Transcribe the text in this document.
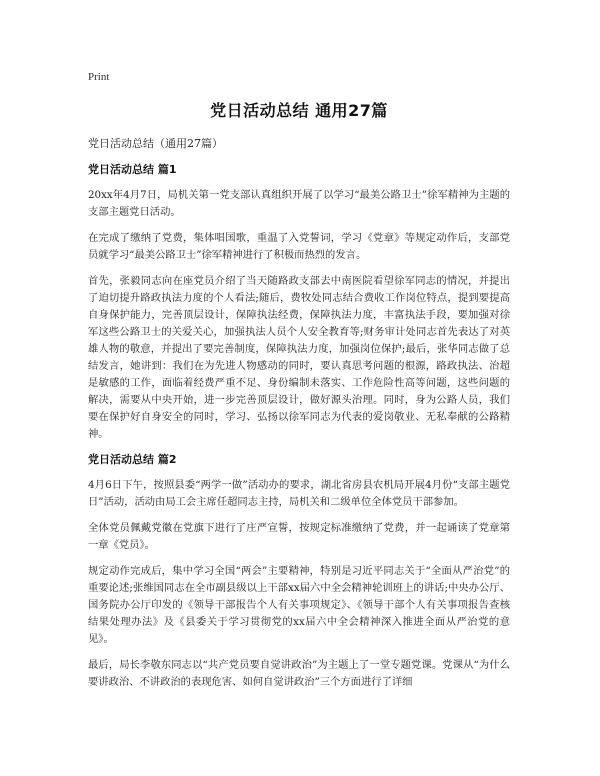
Print
党日活动总结 通用27篇
党日活动总结（通用27篇）
党日活动总结 篇1

20xx年4月7日，局机关第一党支部认真组织开展了以学习“最美公路卫士”徐军精神为主题的支部主题党日活动。

在完成了缴纳了党费，集体唱国歌，重温了入党誓词，学习《党章》等规定动作后，支部党员就学习“最美公路卫士”徐军精神进行了积极而热烈的发言。

首先，张毅同志向在座党员介绍了当天随路政支部去中南医院看望徐军同志的情况，并提出了迫切提升路政执法力度的个人看法;随后，费牧处同志结合费收工作岗位特点，提到要提高自身保护能力，完善顶层设计，保障执法经费，保障执法力度，丰富执法手段，要加强对徐军这些公路卫士的关爱关心，加强执法人员个人安全教育等;财务审计处同志首先表达了对英雄人物的敬意，并提出了要完善制度，保障执法力度，加强岗位保护;最后，张华同志做了总结发言，她讲到：我们在为先进人物感动的同时，要认真思考问题的根源，路政执法、治超是敏感的工作，面临着经费严重不足、身份编制未落实、工作危险性高等问题，这些问题的解决，需要从中央开始，进一步完善顶层设计，做好源头治理。同时，身为公路人员，我们要在保护好自身安全的同时，学习、弘扬以徐军同志为代表的爱岗敬业、无私奉献的公路精神。

党日活动总结 篇2

4月6日下午，按照县委“两学一做”活动办的要求，湖北省房县农机局开展4月份“支部主题党日”活动，活动由局工会主席任超同志主持，局机关和二级单位全体党员干部参加。

全体党员佩戴党徽在党旗下进行了庄严宣誓，按规定标准缴纳了党费，并一起诵读了党章第一章《党员》。

规定动作完成后，集中学习全国“两会”主要精神，特别是习近平同志关于“全面从严治党”的重要论述;张维国同志在全市副县级以上干部xx届六中全会精神轮训班上的讲话;中央办公厅、国务院办公厅印发的《领导干部报告个人有关事项规定》、《领导干部个人有关事项报告查核结果处理办法》及《县委关于学习贯彻党的xx届六中全会精神深入推进全面从严治党的意见》。

最后，局长李敬东同志以“共产党员要自觉讲政治”为主题上了一堂专题党课。党课从“为什么要讲政治、不讲政治的表现危害、如何自觉讲政治”三个方面进行了详细
